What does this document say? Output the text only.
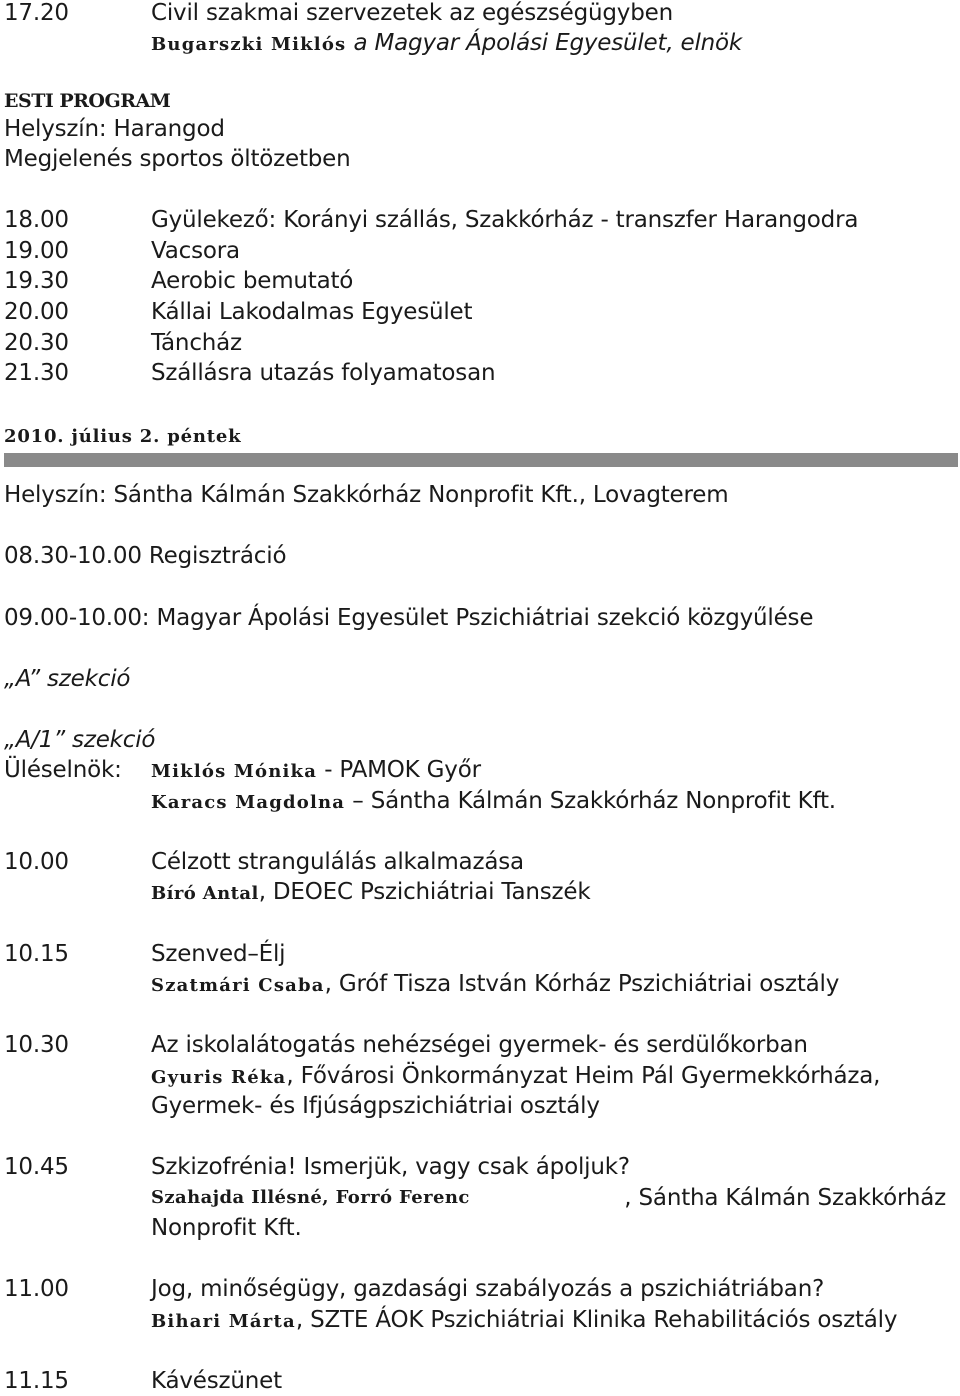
17.20	Civil szakmai szervezetek az egészségügyben
Bugarszki Miklós a Magyar Ápolási Egyesület, elnök
ESTI PROGRAM
Helyszín: Harangod
Megjelenés sportos öltözetben
18.00	Gyülekező: Korányi szállás, Szakkórház - transzfer Harangodra
19.00	Vacsora
19.30	Aerobic bemutató
20.00	Kállai Lakodalmas Egyesület
20.30	Táncház
21.30	Szállásra utazás folyamatosan
2010. július 2. péntek
Helyszín: Sántha Kálmán Szakkórház Nonprofit Kft., Lovagterem
08.30-10.00 Regisztráció
09.00-10.00: Magyar Ápolási Egyesület Pszichiátriai szekció közgyűlése
„A” szekció
„A/1” szekció
Üléselnök: Miklós Mónika - PAMOK Győr
Karacs Magdolna – Sántha Kálmán Szakkórház Nonprofit Kft.
10.00	Célzott strangulálás alkalmazása
Bíró Antal, DEOEC Pszichiátriai Tanszék
10.15	Szenved–Élj
Szatmári Csaba, Gróf Tisza István Kórház Pszichiátriai osztály
10.30	Az iskolalátogatás nehézségei gyermek- és serdülőkorban
Gyuris Réka, Fővárosi Önkormányzat Heim Pál Gyermekkórháza,
Gyermek- és Ifjúságpszichiátriai osztály
10.45	Szkizofrénia! Ismerjük, vagy csak ápoljuk?
Szahajda Illésné, Forró Ferenc	, Sántha Kálmán Szakkórház
Nonprofit Kft.
11.00	Jog, minőségügy, gazdasági szabályozás a pszichiátriában?
Bihari Márta, SZTE ÁOK Pszichiátriai Klinika Rehabilitációs osztály
11.15	Kávészünet
